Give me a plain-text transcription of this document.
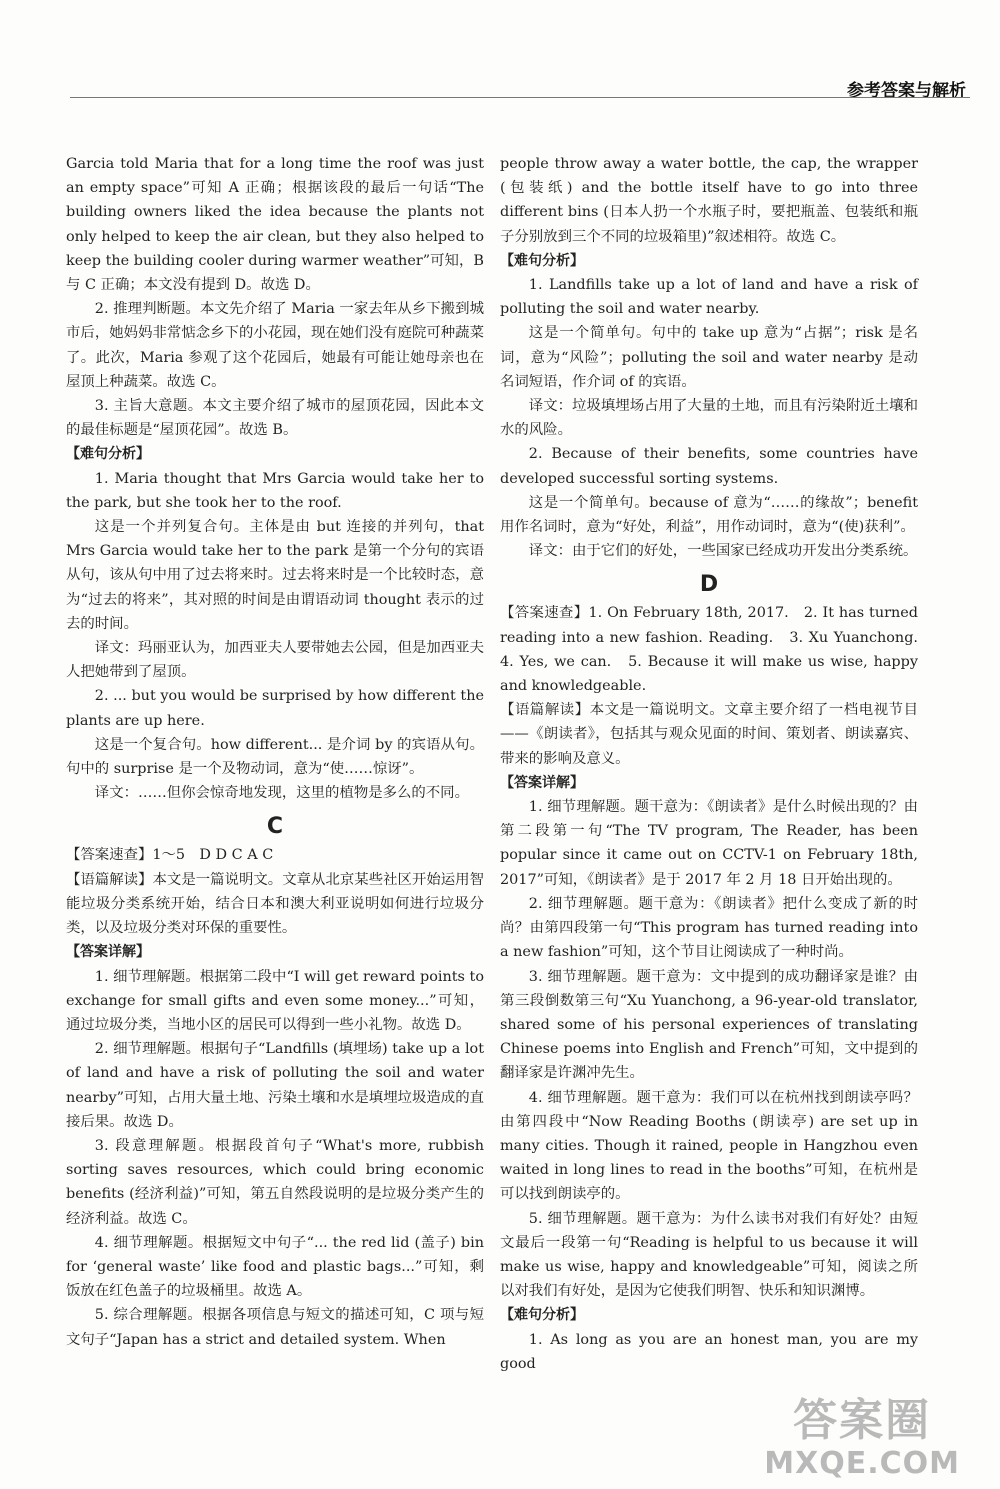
参考答案与解析

Garcia told Maria that for a long time the roof was just an empty space”可知 A 正确；根据该段的最后一句话“The building owners liked the idea because the plants not only helped to keep the air clean, but they also helped to keep the building cooler during warmer weather”可知，B 与 C 正确；本文没有提到 D。故选 D。

2. 推理判断题。本文先介绍了 Maria 一家去年从乡下搬到城市后，她妈妈非常惦念乡下的小花园，现在她们没有庭院可种蔬菜了。此次，Maria 参观了这个花园后，她最有可能让她母亲也在屋顶上种蔬菜。故选 C。

3. 主旨大意题。本文主要介绍了城市的屋顶花园，因此本文的最佳标题是“屋顶花园”。故选 B。

【难句分析】

1. Maria thought that Mrs Garcia would take her to the park, but she took her to the roof.

这是一个并列复合句。主体是由 but 连接的并列句，that Mrs Garcia would take her to the park 是第一个分句的宾语从句，该从句中用了过去将来时。过去将来时是一个比较时态，意为“过去的将来”，其对照的时间是由谓语动词 thought 表示的过去的时间。

译文：玛丽亚认为，加西亚夫人要带她去公园，但是加西亚夫人把她带到了屋顶。

2. ... but you would be surprised by how different the plants are up here.

这是一个复合句。how different... 是介词 by 的宾语从句。句中的 surprise 是一个及物动词，意为“使……惊讶”。

译文：……但你会惊奇地发现，这里的植物是多么的不同。

C

【答案速查】1～5　D D C A C

【语篇解读】本文是一篇说明文。文章从北京某些社区开始运用智能垃圾分类系统开始，结合日本和澳大利亚说明如何进行垃圾分类，以及垃圾分类对环保的重要性。

【答案详解】

1. 细节理解题。根据第二段中“I will get reward points to exchange for small gifts and even some money...”可知，通过垃圾分类，当地小区的居民可以得到一些小礼物。故选 D。

2. 细节理解题。根据句子“Landfills (填埋场) take up a lot of land and have a risk of polluting the soil and water nearby”可知，占用大量土地、污染土壤和水是填埋垃圾造成的直接后果。故选 D。

3. 段意理解题。根据段首句子“What's more, rubbish sorting saves resources, which could bring economic benefits (经济利益)”可知，第五自然段说明的是垃圾分类产生的经济利益。故选 C。

4. 细节理解题。根据短文中句子“... the red lid (盖子) bin for ‘general waste’ like food and plastic bags...”可知，剩饭放在红色盖子的垃圾桶里。故选 A。

5. 综合理解题。根据各项信息与短文的描述可知，C 项与短文句子“Japan has a strict and detailed system. When

people throw away a water bottle, the cap, the wrapper (包装纸) and the bottle itself have to go into three different bins (日本人扔一个水瓶子时，要把瓶盖、包装纸和瓶子分别放到三个不同的垃圾箱里)”叙述相符。故选 C。

【难句分析】

1. Landfills take up a lot of land and have a risk of polluting the soil and water nearby.

这是一个简单句。句中的 take up 意为“占据”；risk 是名词，意为“风险”；polluting the soil and water nearby 是动名词短语，作介词 of 的宾语。

译文：垃圾填埋场占用了大量的土地，而且有污染附近土壤和水的风险。

2. Because of their benefits, some countries have developed successful sorting systems.

这是一个简单句。because of 意为“……的缘故”；benefit 用作名词时，意为“好处，利益”，用作动词时，意为“(使)获利”。

译文：由于它们的好处，一些国家已经成功开发出分类系统。

D

【答案速查】1. On February 18th, 2017.　2. It has turned reading into a new fashion. Reading.　3. Xu Yuanchong.　4. Yes, we can.　5. Because it will make us wise, happy and knowledgeable.

【语篇解读】本文是一篇说明文。文章主要介绍了一档电视节目——《朗读者》，包括其与观众见面的时间、策划者、朗读嘉宾、带来的影响及意义。

【答案详解】

1. 细节理解题。题干意为：《朗读者》是什么时候出现的？由第二段第一句“The TV program, The Reader, has been popular since it came out on CCTV-1 on February 18th, 2017”可知，《朗读者》是于 2017 年 2 月 18 日开始出现的。

2. 细节理解题。题干意为：《朗读者》把什么变成了新的时尚？由第四段第一句“This program has turned reading into a new fashion”可知，这个节目让阅读成了一种时尚。

3. 细节理解题。题干意为：文中提到的成功翻译家是谁？由第三段倒数第三句“Xu Yuanchong, a 96-year-old translator, shared some of his personal experiences of translating Chinese poems into English and French”可知，文中提到的翻译家是许渊冲先生。

4. 细节理解题。题干意为：我们可以在杭州找到朗读亭吗？由第四段中“Now Reading Booths (朗读亭) are set up in many cities. Though it rained, people in Hangzhou even waited in long lines to read in the booths”可知，在杭州是可以找到朗读亭的。

5. 细节理解题。题干意为：为什么读书对我们有好处？由短文最后一段第一句“Reading is helpful to us because it will make us wise, happy and knowledgeable”可知，阅读之所以对我们有好处，是因为它使我们明智、快乐和知识渊博。

【难句分析】

1. As long as you are an honest man, you are my good

答案圈
MXQE.COM
